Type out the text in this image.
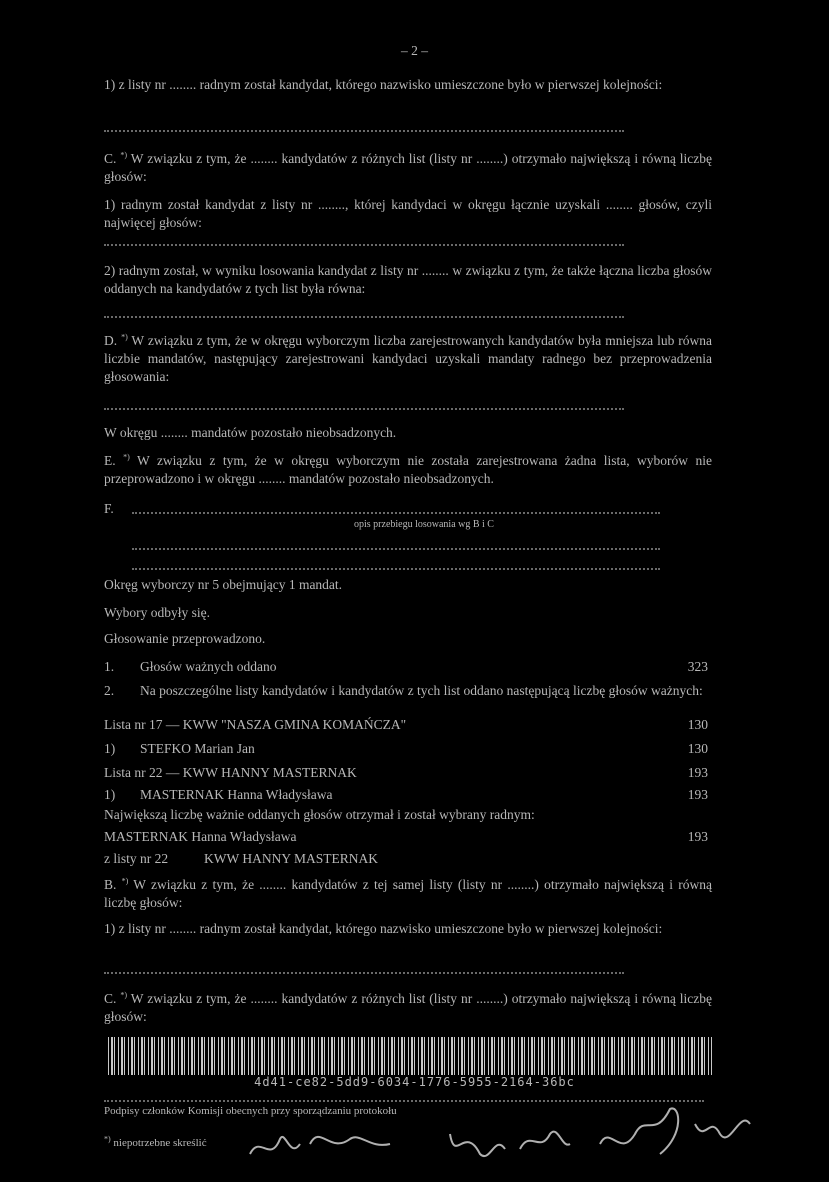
– 2 –

1) z listy nr ........ radnym został kandydat, którego nazwisko umieszczone było w pierwszej kolejności:

C. *) W związku z tym, że ........ kandydatów z różnych list (listy nr ........) otrzymało największą i równą liczbę głosów:

1) radnym został kandydat z listy nr ........, której kandydaci w okręgu łącznie uzyskali ........ głosów, czyli najwięcej głosów:

2) radnym został, w wyniku losowania kandydat z listy nr ........ w związku z tym, że także łączna liczba głosów oddanych na kandydatów z tych list była równa:

D. *) W związku z tym, że w okręgu wyborczym liczba zarejestrowanych kandydatów była mniejsza lub równa liczbie mandatów, następujący zarejestrowani kandydaci uzyskali mandaty radnego bez przeprowadzenia głosowania:

W okręgu ........ mandatów pozostało nieobsadzonych.

E. *) W związku z tym, że w okręgu wyborczym nie została zarejestrowana żadna lista, wyborów nie przeprowadzono i w okręgu ........ mandatów pozostało nieobsadzonych.

F.
opis przebiegu losowania wg B i C

Okręg wyborczy nr 5 obejmujący 1 mandat.

Wybory odbyły się.

Głosowanie przeprowadzono.

1. Głosów ważnych oddano	323

2. Na poszczególne listy kandydatów i kandydatów z tych list oddano następującą liczbę głosów ważnych:

Lista nr 17 — KWW "NASZA GMINA KOMAŃCZA"	130
1) STEFKO Marian Jan	130
Lista nr 22 — KWW HANNY MASTERNAK	193
1) MASTERNAK Hanna Władysława	193

Największą liczbę ważnie oddanych głosów otrzymał i został wybrany radnym:

MASTERNAK Hanna Władysława	193
z listy nr 22	KWW HANNY MASTERNAK

B. *) W związku z tym, że ........ kandydatów z tej samej listy (listy nr ........) otrzymało największą i równą liczbę głosów:

1) z listy nr ........ radnym został kandydat, którego nazwisko umieszczone było w pierwszej kolejności:

C. *) W związku z tym, że ........ kandydatów z różnych list (listy nr ........) otrzymało największą i równą liczbę głosów:

4d41-ce82-5dd9-6034-1776-5955-2164-36bc
Podpisy członków Komisji obecnych przy sporządzaniu protokołu
*) niepotrzebne skreślić
